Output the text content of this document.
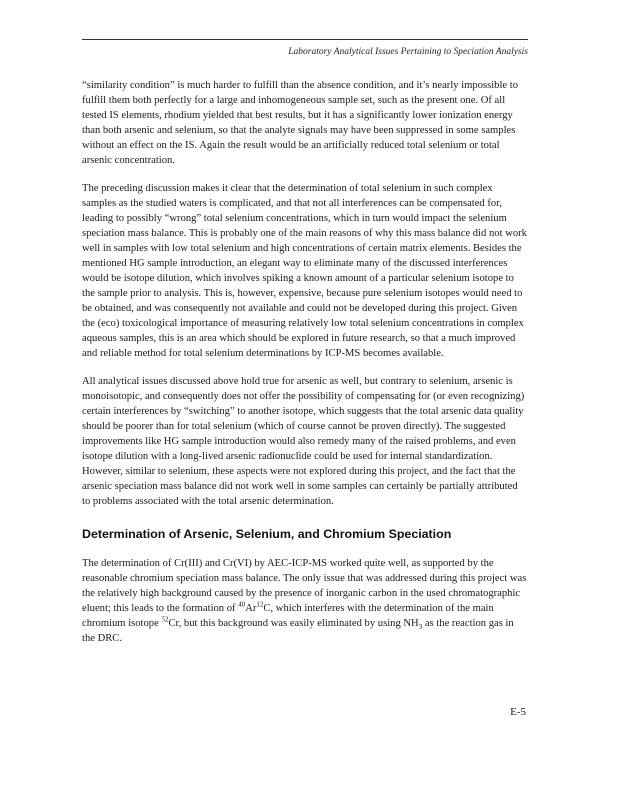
Laboratory Analytical Issues Pertaining to Speciation Analysis

“similarity condition” is much harder to fulfill than the absence condition, and it’s nearly impossible to fulfill them both perfectly for a large and inhomogeneous sample set, such as the present one. Of all tested IS elements, rhodium yielded that best results, but it has a significantly lower ionization energy than both arsenic and selenium, so that the analyte signals may have been suppressed in some samples without an effect on the IS. Again the result would be an artificially reduced total selenium or total arsenic concentration.

The preceding discussion makes it clear that the determination of total selenium in such complex samples as the studied waters is complicated, and that not all interferences can be compensated for, leading to possibly “wrong” total selenium concentrations, which in turn would impact the selenium speciation mass balance. This is probably one of the main reasons of why this mass balance did not work well in samples with low total selenium and high concentrations of certain matrix elements. Besides the mentioned HG sample introduction, an elegant way to eliminate many of the discussed interferences would be isotope dilution, which involves spiking a known amount of a particular selenium isotope to the sample prior to analysis. This is, however, expensive, because pure selenium isotopes would need to be obtained, and was consequently not available and could not be developed during this project. Given the (eco) toxicological importance of measuring relatively low total selenium concentrations in complex aqueous samples, this is an area which should be explored in future research, so that a much improved and reliable method for total selenium determinations by ICP-MS becomes available.

All analytical issues discussed above hold true for arsenic as well, but contrary to selenium, arsenic is monoisotopic, and consequently does not offer the possibility of compensating for (or even recognizing) certain interferences by “switching” to another isotope, which suggests that the total arsenic data quality should be poorer than for total selenium (which of course cannot be proven directly). The suggested improvements like HG sample introduction would also remedy many of the raised problems, and even isotope dilution with a long-lived arsenic radionuclide could be used for internal standardization. However, similar to selenium, these aspects were not explored during this project, and the fact that the arsenic speciation mass balance did not work well in some samples can certainly be partially attributed to problems associated with the total arsenic determination.

Determination of Arsenic, Selenium, and Chromium Speciation

The determination of Cr(III) and Cr(VI) by AEC-ICP-MS worked quite well, as supported by the reasonable chromium speciation mass balance. The only issue that was addressed during this project was the relatively high background caused by the presence of inorganic carbon in the used chromatographic eluent; this leads to the formation of $^{40}$Ar$^{12}$C, which interferes with the determination of the main chromium isotope $^{52}$Cr, but this background was easily eliminated by using $NH_3$ as the reaction gas in the DRC.

E-5
